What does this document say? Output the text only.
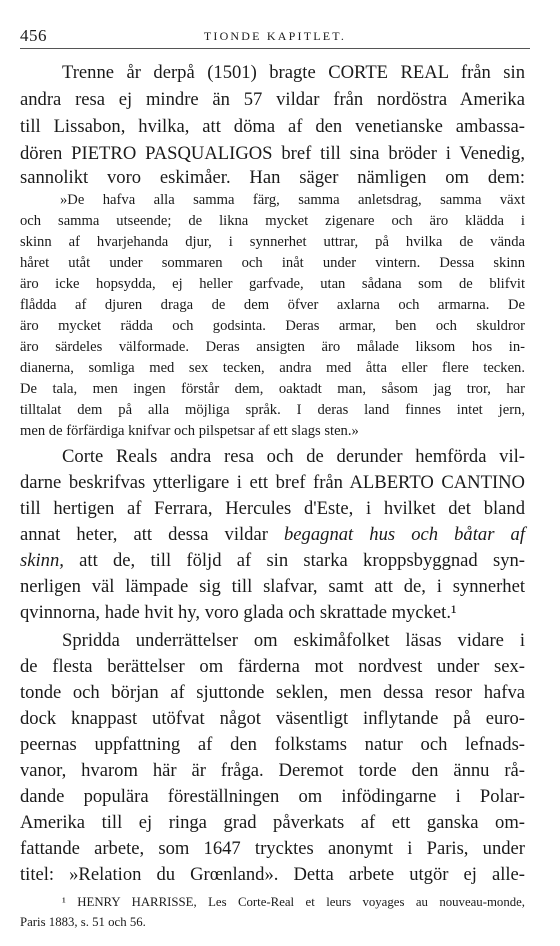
456	TIONDE KAPITLET.
Trenne år derpå (1501) bragte CORTE REAL från sin
andra resa ej mindre än 57 vildar från nordöstra Amerika
till Lissabon, hvilka, att döma af den venetianske ambassa-
dören PIETRO PASQUALIGOS bref till sina bröder i Venedig,
sannolikt voro eskimåer. Han säger nämligen om dem:
»De hafva alla samma färg, samma anletsdrag, samma växt
och samma utseende; de likna mycket zigenare och äro klädda i
skinn af hvarjehanda djur, i synnerhet uttrar, på hvilka de vända
håret utåt under sommaren och inåt under vintern. Dessa skinn
äro icke hopsydda, ej heller garfvade, utan sådana som de blifvit
flådda af djuren draga de dem öfver axlarna och armarna. De
äro mycket rädda och godsinta. Deras armar, ben och skuldror
äro särdeles välformade. Deras ansigten äro målade liksom hos in-
dianerna, somliga med sex tecken, andra med åtta eller flere tecken.
De tala, men ingen förstår dem, oaktadt man, såsom jag tror, har
tilltalat dem på alla möjliga språk. I deras land finnes intet jern,
men de förfärdiga knifvar och pilspetsar af ett slags sten.»
Corte Reals andra resa och de derunder hemförda vil-
darne beskrifvas ytterligare i ett bref från ALBERTO CANTINO
till hertigen af Ferrara, Hercules d'Este, i hvilket det bland
annat heter, att dessa vildar begagnat hus och båtar af
skinn, att de, till följd af sin starka kroppsbyggnad syn-
nerligen väl lämpade sig till slafvar, samt att de, i synnerhet
qvinnorna, hade hvit hy, voro glada och skrattade mycket.¹
Spridda underrättelser om eskimåfolket läsas vidare i
de flesta berättelser om färderna mot nordvest under sex-
tonde och början af sjuttonde seklen, men dessa resor hafva
dock knappast utöfvat något väsentligt inflytande på euro-
peernas uppfattning af den folkstams natur och lefnads-
vanor, hvarom här är fråga. Deremot torde den ännu rå-
dande populära föreställningen om infödingarne i Polar-
Amerika till ej ringa grad påverkats af ett ganska om-
fattande arbete, som 1647 trycktes anonymt i Paris, under
titel: »Relation du Grœnland». Detta arbete utgör ej alle-
¹ HENRY HARRISSE, Les Corte-Real et leurs voyages au nouveau-monde,
Paris 1883, s. 51 och 56.
